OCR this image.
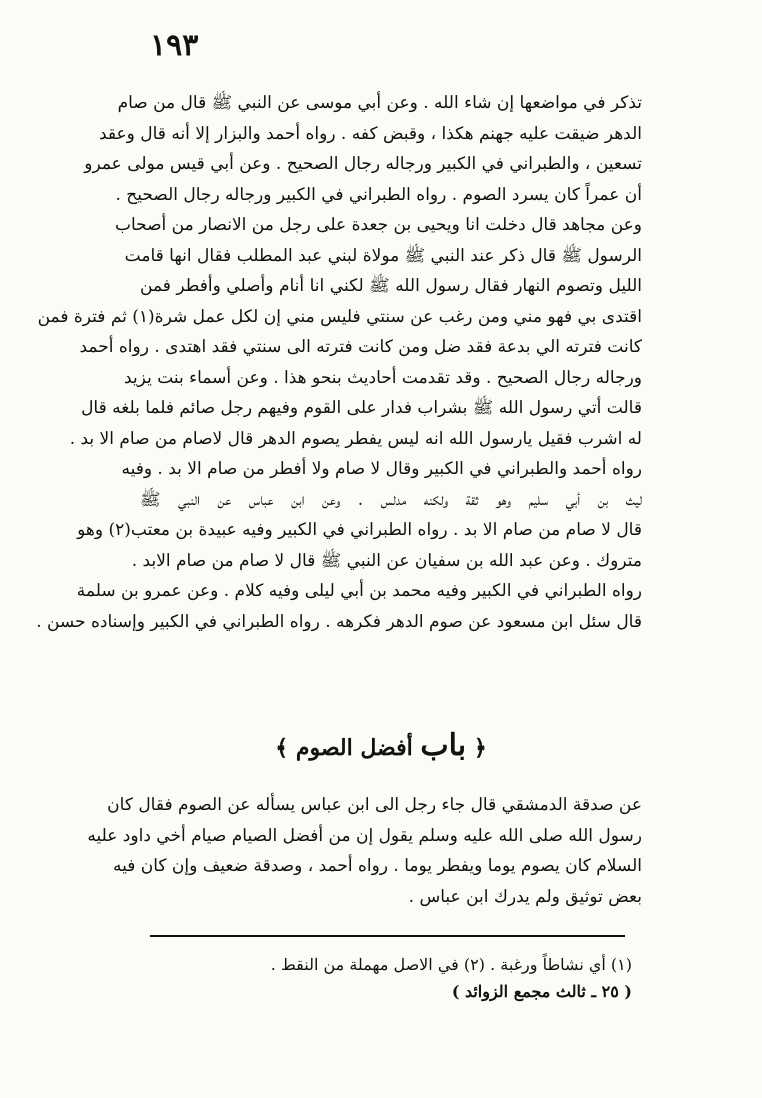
١٩٣
تذكر في مواضعها إن شاء الله . وعن أبي موسى عن النبي ﷺ قال من صام
الدهر ضيقت عليه جهنم هكذا ، وقبض كفه . رواه أحمد والبزار إلا أنه قال وعقد
تسعين ، والطبراني في الكبير ورجاله رجال الصحيح . وعن أبي قيس مولى عمرو
أن عمراً كان يسرد الصوم . رواه الطبراني في الكبير ورجاله رجال الصحيح .
وعن مجاهد قال دخلت انا ويحيى بن جعدة على رجل من الانصار من أصحاب
الرسول ﷺ قال ذكر عند النبي ﷺ مولاة لبني عبد المطلب فقال انها قامت
الليل وتصوم النهار فقال رسول الله ﷺ لكني انا أنام وأصلي وأفطر فمن
اقتدى بي فهو مني ومن رغب عن سنتي فليس مني إن لكل عمل شرة(١) ثم فترة فمن
كانت فترته الي بدعة فقد ضل ومن كانت فترته الى سنتي فقد اهتدى . رواه أحمد
ورجاله رجال الصحيح . وقد تقدمت أحاديث بنحو هذا . وعن أسماء بنت يزيد
قالت أتي رسول الله ﷺ بشراب فدار على القوم وفيهم رجل صائم فلما بلغه قال
له اشرب فقيل يارسول الله انه ليس يفطر يصوم الدهر قال لاصام من صام الا بد .
رواه أحمد والطبراني في الكبير وقال لا صام ولا أفطر من صام الا بد . وفيه
ليث بن أبي سليم وهو ثقة ولكنه مدلس . وعن ابن عباس عن النبي ﷺ
قال لا صام من صام الا بد . رواه الطبراني في الكبير وفيه عبيدة بن معتب(٢) وهو
متروك . وعن عبد الله بن سفيان عن النبي ﷺ قال لا صام من صام الابد .
رواه الطبراني في الكبير وفيه محمد بن أبي ليلى وفيه كلام . وعن عمرو بن سلمة
قال سئل ابن مسعود عن صوم الدهر فكرهه . رواه الطبراني في الكبير وإسناده حسن .
﴿ باب أفضل الصوم ﴾
عن صدقة الدمشقي قال جاء رجل الى ابن عباس يسأله عن الصوم فقال كان
رسول الله صلى الله عليه وسلم يقول إن من أفضل الصيام صيام أخي داود عليه
السلام كان يصوم يوما ويفطر يوما . رواه أحمد ، وصدقة ضعيف وإن كان فيه
بعض توثيق ولم يدرك ابن عباس .
(١) أي نشاطاً ورغبة . (٢) في الاصل مهملة من النقط .
( ٢٥ ـ ثالث مجمع الزوائد )
